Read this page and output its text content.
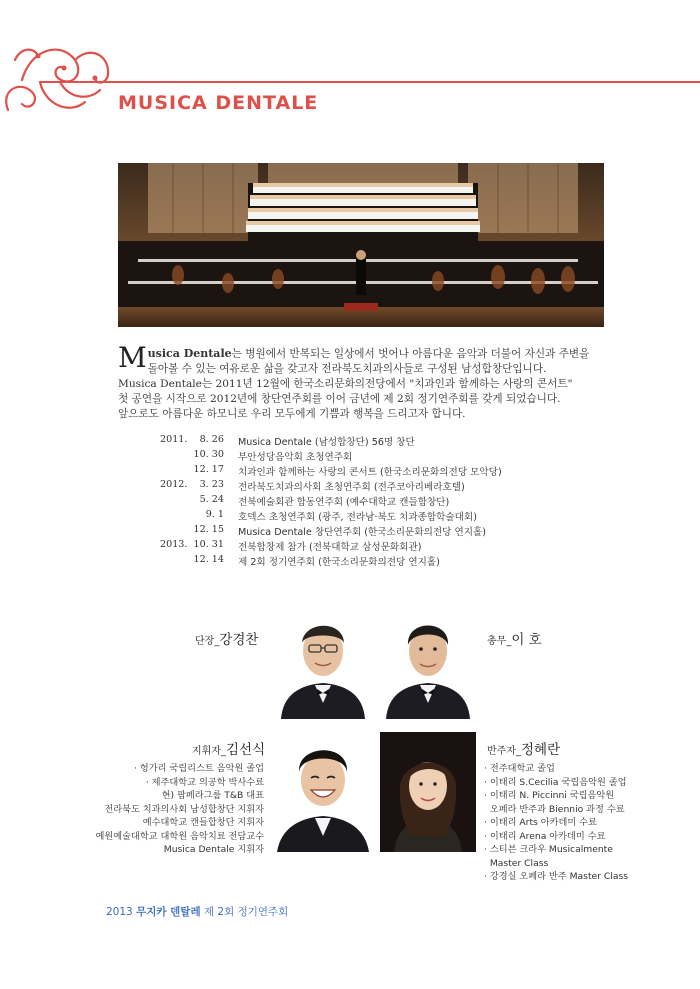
MUSICA DENTALE
Musica Dentale는 병원에서 반복되는 일상에서 벗어나 아름다운 음악과 더불어 자신과 주변을
돌아볼 수 있는 여유로운 삶을 갖고자 전라북도치과의사들로 구성된 남성합창단입니다.
Musica Dentale는 2011년 12월에 한국소리문화의전당에서 "치과인과 함께하는 사랑의 콘서트"
첫 공연을 시작으로 2012년에 창단연주회를 이어 금년에 제 2회 정기연주회를 갖게 되었습니다.
앞으로도 아름다운 하모니로 우리 모두에게 기쁨과 행복을 드리고자 합니다.
2011.	8. 26 Musica Dentale (남성합창단) 56명 창단
10. 30 부안성당음악회 초청연주회
12. 17 치과인과 함께하는 사랑의 콘서트 (한국소리문화의전당 모악당)
2012.	3. 23 전라북도치과의사회 초청연주회 (전주코아리베라호텔)
5. 24 전북예술회관 합동연주회 (예수대학교 캔들합창단)
9. 1 호덱스 초청연주회 (광주, 전라남·북도 치과종합학술대회)
12. 15 Musica Dentale 창단연주회 (한국소리문화의전당 연지홀)
2013. 10. 31 전북합창제 참가 (전북대학교 삼성문화회관)
12. 14 제 2회 정기연주회 (한국소리문화의전당 연지홀)
단장_강경찬	총무_이 호
지휘자_김선식
· 헝가리 국립리스트 음악원 졸업
· 제주대학교 의공학 박사수료
현) 팝페라그룹 T&B 대표
전라북도 치과의사회 남성합창단 지휘자
예수대학교 캔들합창단 지휘자
예원예술대학교 대학원 음악치료 전담교수
Musica Dentale 지휘자
반주자_정혜란
· 전주대학교 졸업
· 이태리 S.Cecilia 국립음악원 졸업
· 이태리 N. Piccinni 국립음악원
오페라 반주과 Biennio 과정 수료
· 이태리 Arts 아카데미 수료
· 이태리 Arena 아카데미 수료
· 스티븐 크라우 Musicalmente
Master Class
· 강경실 오페라 반주 Master Class
2013 무지카 덴탈레 제 2회 정기연주회
